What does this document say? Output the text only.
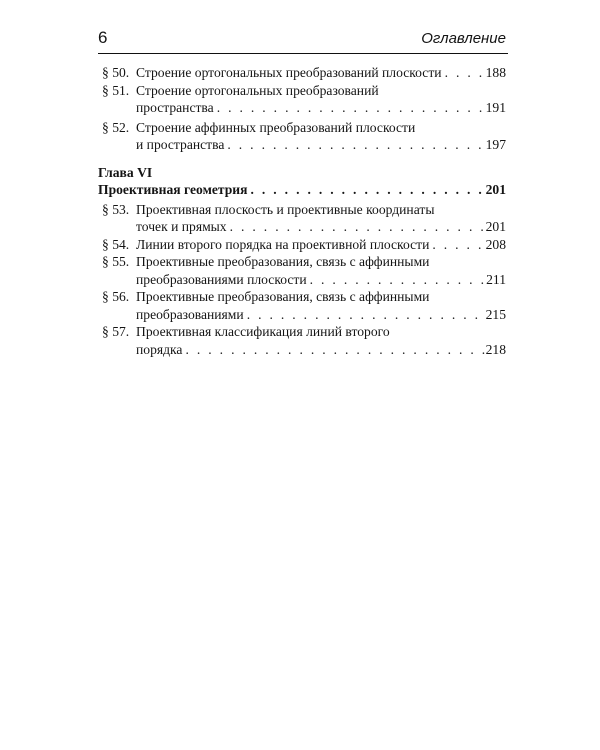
6	Оглавление
§ 50. Строение ортогональных преобразований плоскости . . .	188
§ 51. Строение ортогональных преобразований
пространства . . .	191
§ 52. Строение аффинных преобразований плоскости
и пространства . . .	197
Глава VI
Проективная геометрия . . .	201
§ 53. Проективная плоскость и проективные координаты
точек и прямых . . .	201
§ 54. Линии второго порядка на проективной плоскости . . .	208
§ 55. Проективные преобразования, связь с аффинными
преобразованиями плоскости . . .	211
§ 56. Проективные преобразования, связь с аффинными
преобразованиями . . .	215
§ 57. Проективная классификация линий второго
порядка . . .	218
